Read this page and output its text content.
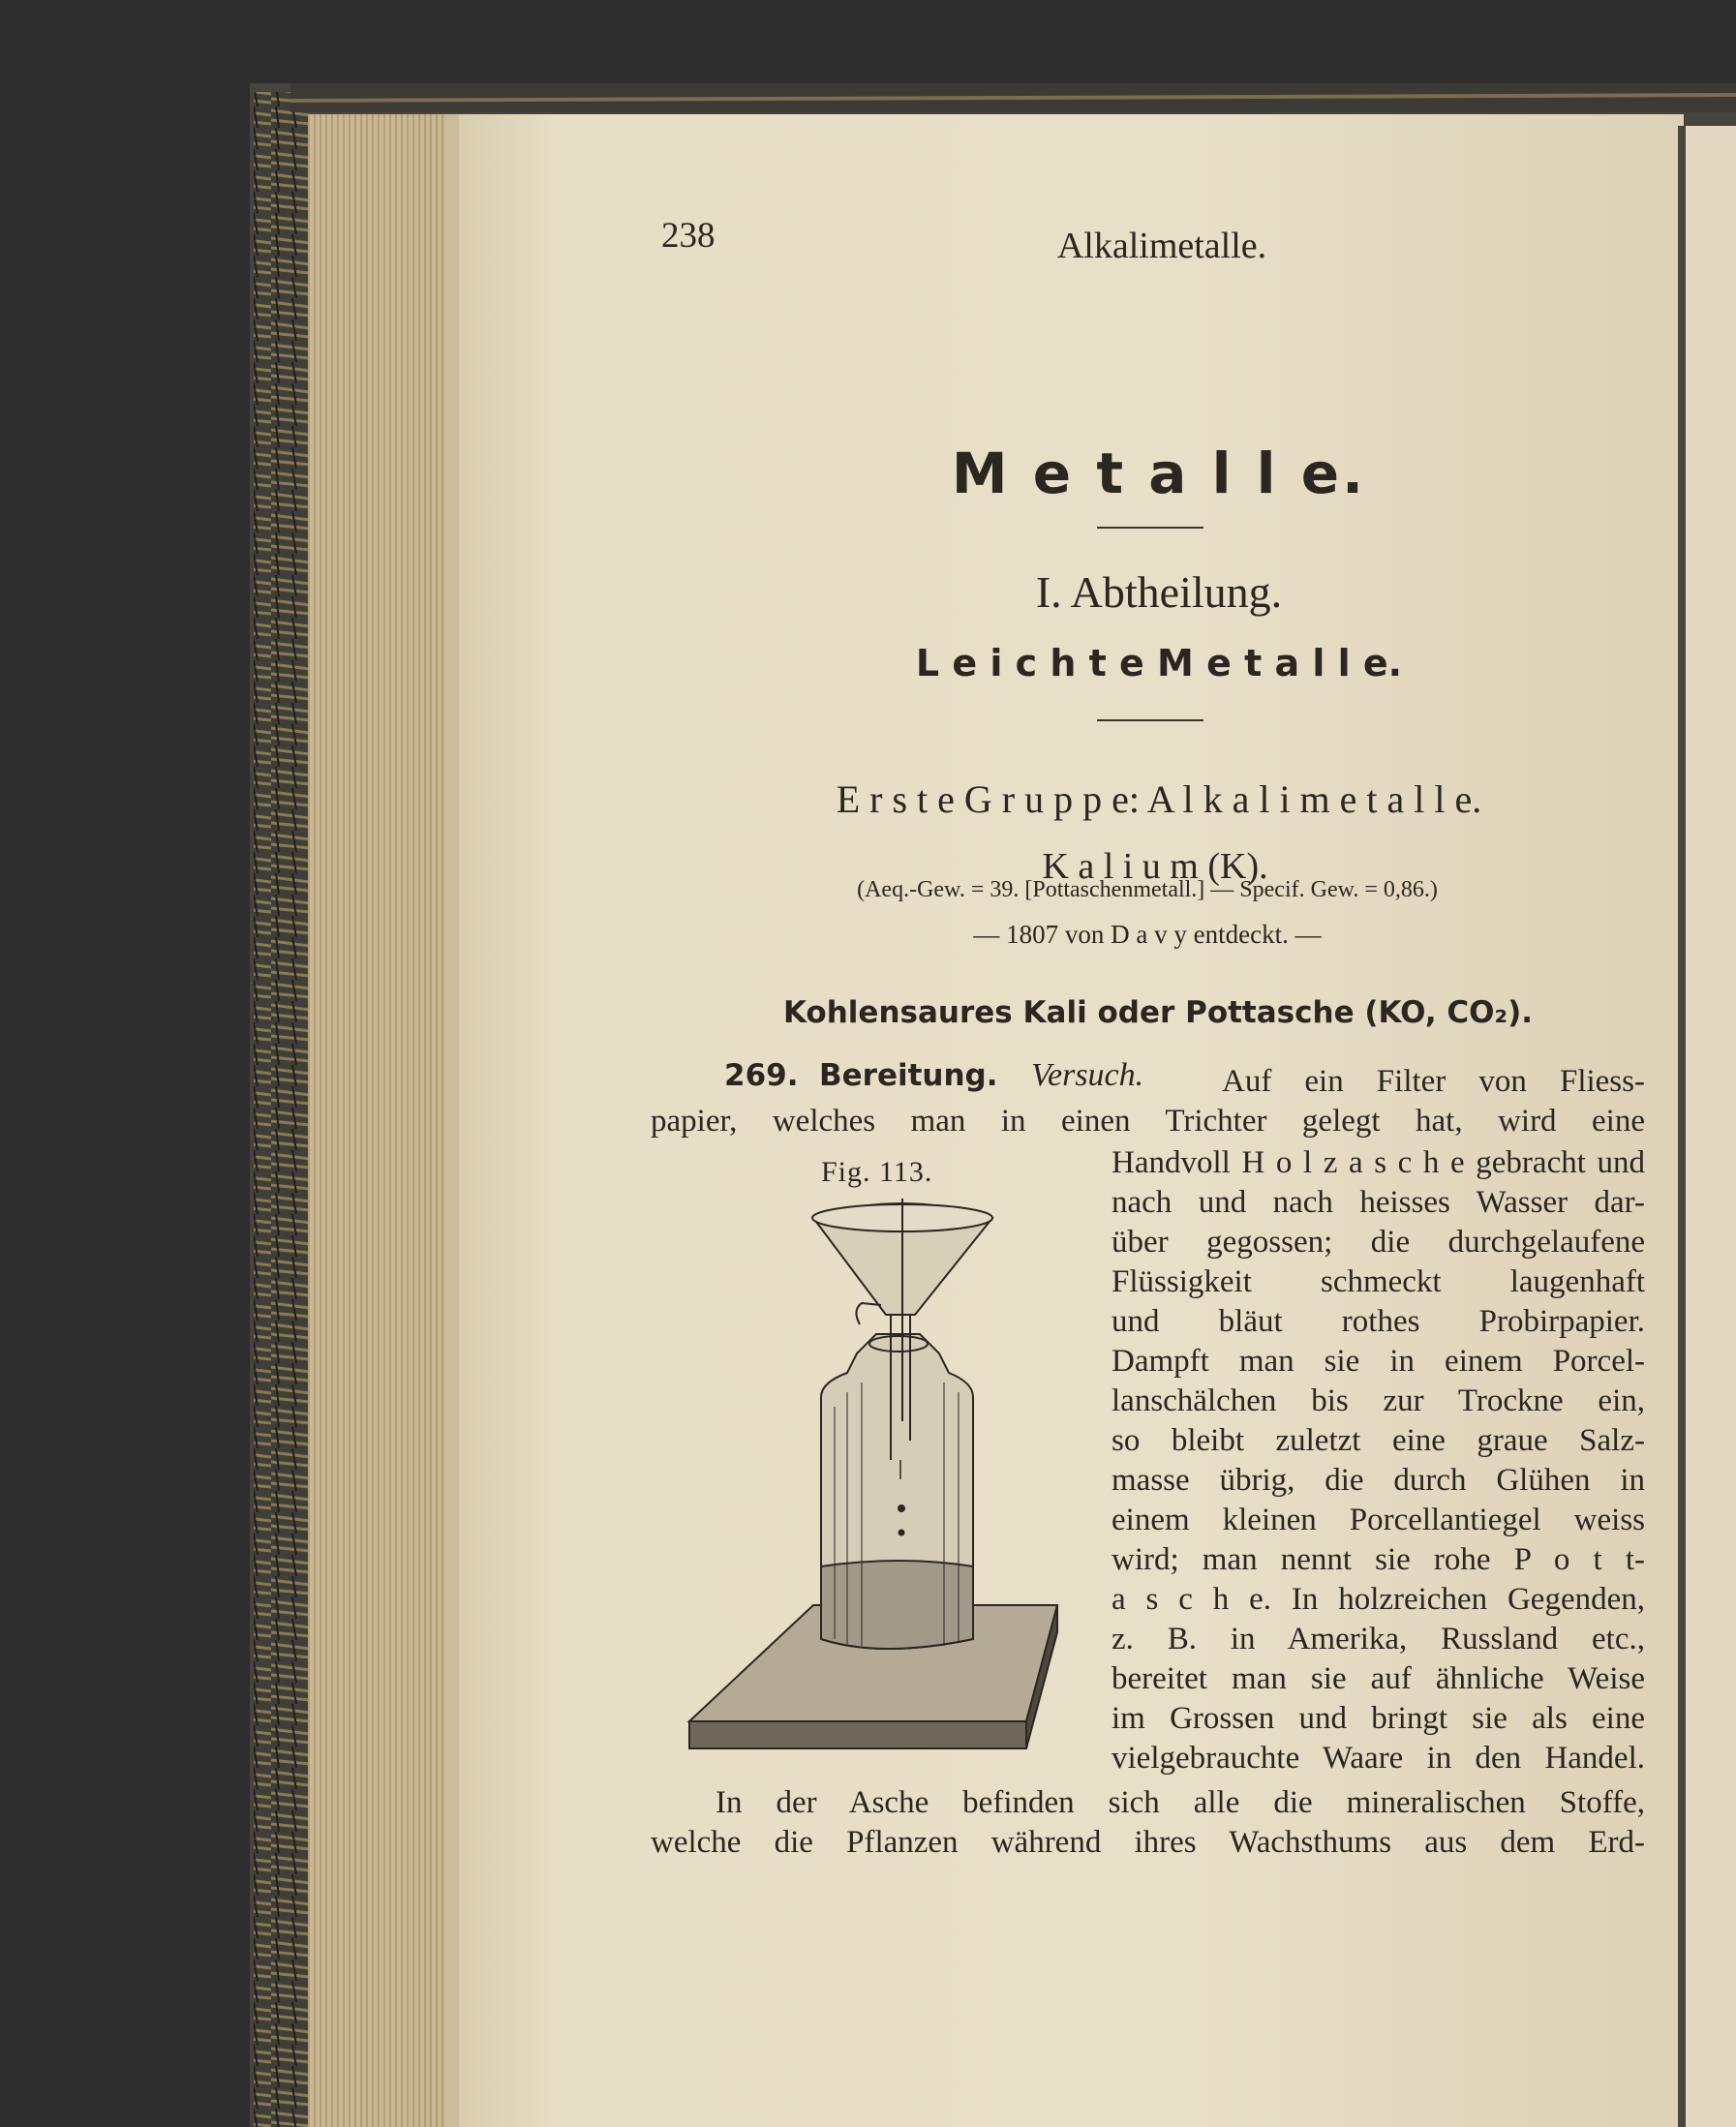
238	Alkalimetalle.
M e t a l l e.
I. Abtheilung.
L e i c h t e M e t a l l e.
E r s t e G r u p p e: A l k a l i m e t a l l e.
K a l i u m (K).
(Aeq.-Gew. = 39. [Pottaschenmetall.] — Specif. Gew. = 0,86.)
— 1807 von D a v y entdeckt. —
Kohlensaures Kali oder Pottasche (KO, CO₂).
269. Bereitung. Versuch. Auf ein Filter von Fliess-
papier, welches man in einen Trichter gelegt hat, wird eine
Fig. 113.	Handvoll H o l z a s c h e gebracht und
nach und nach heisses Wasser dar-
über gegossen; die durchgelaufene
Flüssigkeit schmeckt laugenhaft
und bläut rothes Probirpapier.
Dampft man sie in einem Porcel-
lanschälchen bis zur Trockne ein,
so bleibt zuletzt eine graue Salz-
masse übrig, die durch Glühen in
einem kleinen Porcellantiegel weiss
wird; man nennt sie rohe P o t t-
a s c h e. In holzreichen Gegenden,
z. B. in Amerika, Russland etc.,
bereitet man sie auf ähnliche Weise
im Grossen und bringt sie als eine
vielgebrauchte Waare in den Handel.
In der Asche befinden sich alle die mineralischen Stoffe,
welche die Pflanzen während ihres Wachsthums aus dem Erd-
